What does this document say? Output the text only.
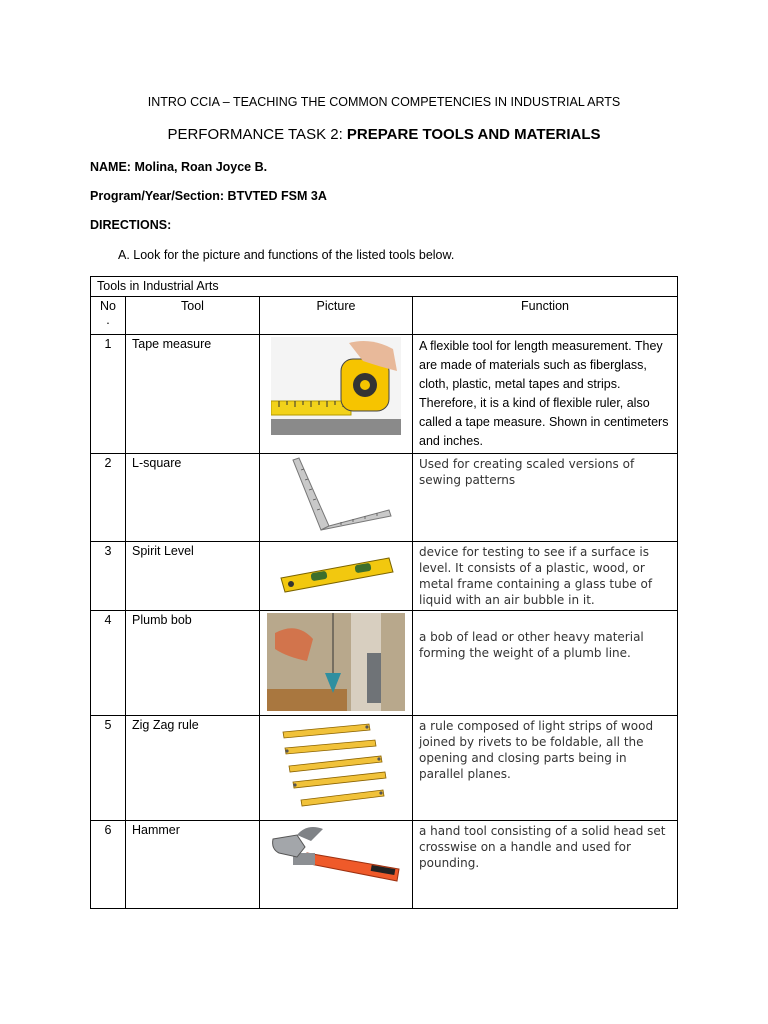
INTRO CCIA – TEACHING THE COMMON COMPETENCIES IN INDUSTRIAL ARTS
PERFORMANCE TASK 2: PREPARE TOOLS AND MATERIALS
NAME: Molina, Roan Joyce B.
Program/Year/Section: BTVTED FSM 3A
DIRECTIONS:
A. Look for the picture and functions of the listed tools below.
Tools in Industrial Arts			
No .	Tool	Picture	Function
1	Tape measure		A flexible tool for length measurement. They are made of materials such as fiberglass, cloth, plastic, metal tapes and strips. Therefore, it is a kind of flexible ruler, also called a tape measure. Shown in centimeters and inches.
2	L-square		Used for creating scaled versions of sewing patterns
3	Spirit Level		device for testing to see if a surface is level. It consists of a plastic, wood, or metal frame containing a glass tube of liquid with an air bubble in it.
4	Plumb bob		a bob of lead or other heavy material forming the weight of a plumb line.
5	Zig Zag rule		a rule composed of light strips of wood joined by rivets to be foldable, all the opening and closing parts being in parallel planes.
6	Hammer		a hand tool consisting of a solid head set crosswise on a handle and used for pounding.
